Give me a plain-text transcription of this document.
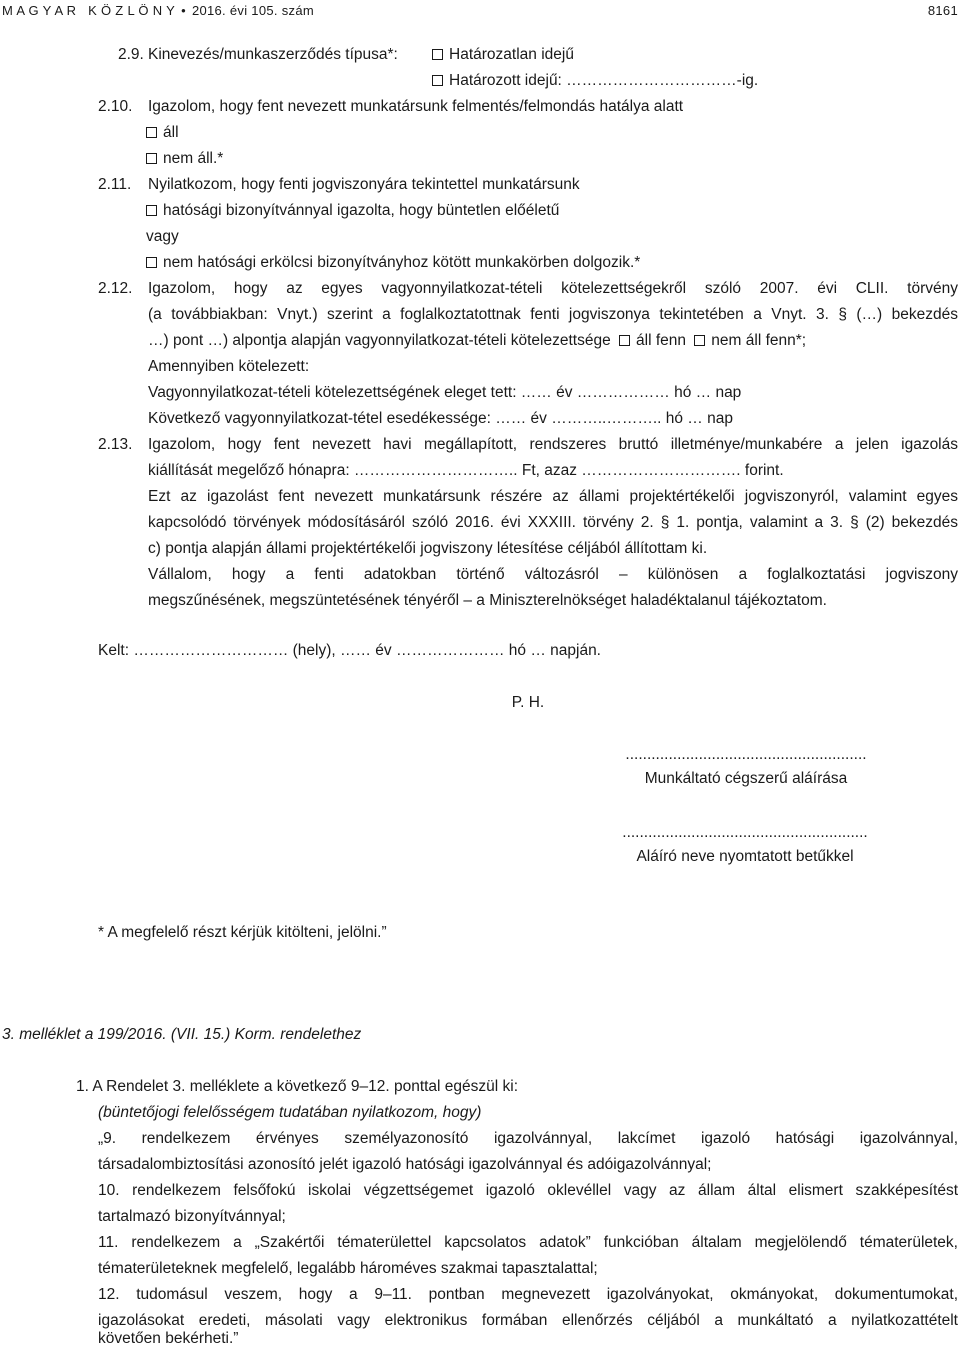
M A G Y A R   K Ö Z L Ö N Y • 2016. évi 105. szám	8161
2.9. Kinevezés/munkaszerződés típusa*:	Határozatlan idejű
Határozott idejű: ……………………………-ig.
2.10. Igazolom, hogy fent nevezett munkatársunk felmentés/felmondás hatálya alatt
áll
nem áll.*
2.11. Nyilatkozom, hogy fenti jogviszonyára tekintettel munkatársunk
hatósági bizonyítvánnyal igazolta, hogy büntetlen előéletű
vagy
nem hatósági erkölcsi bizonyítványhoz kötött munkakörben dolgozik.*
2.12. Igazolom, hogy az egyes vagyonnyilatkozat-tételi kötelezettségekről szóló 2007. évi CLII. törvény
(a továbbiakban: Vnyt.) szerint a foglalkoztatottnak fenti jogviszonya tekintetében a Vnyt. 3. § (…) bekezdés
…) pont …) alpontja alapján vagyonnyilatkozat-tételi kötelezettsége áll fenn nem áll fenn*;
Amennyiben kötelezett:
Vagyonnyilatkozat-tételi kötelezettségének eleget tett: …… év ……………… hó … nap
Következő vagyonnyilatkozat-tétel esedékessége: …… év ………..……….. hó … nap
2.13. Igazolom, hogy fent nevezett havi megállapított, rendszeres bruttó illetménye/munkabére a jelen igazolás
kiállítását megelőző hónapra: ………………………….. Ft, azaz …………………………. forint.
Ezt az igazolást fent nevezett munkatársunk részére az állami projektértékelői jogviszonyról, valamint egyes
kapcsolódó törvények módosításáról szóló 2016. évi XXXIII. törvény 2. § 1. pontja, valamint a 3. § (2) bekezdés
c) pontja alapján állami projektértékelői jogviszony létesítése céljából állítottam ki.
Vállalom, hogy a fenti adatokban történő változásról – különösen a foglalkoztatási jogviszony
megszűnésének, megszüntetésének tényéről – a Miniszterelnökséget haladéktalanul tájékoztatom.
Kelt: ………………………… (hely), …… év ………………… hó … napján.
P. H.
........................................................
Munkáltató cégszerű aláírása
.........................................................
Aláíró neve nyomtatott betűkkel
* A megfelelő részt kérjük kitölteni, jelölni.”
3. melléklet a 199/2016. (VII. 15.) Korm. rendelethez
1. A Rendelet 3. melléklete a következő 9–12. ponttal egészül ki:
(büntetőjogi felelősségem tudatában nyilatkozom, hogy)
„9. rendelkezem érvényes személyazonosító igazolvánnyal, lakcímet igazoló hatósági igazolvánnyal,
társadalombiztosítási azonosító jelét igazoló hatósági igazolvánnyal és adóigazolvánnyal;
10. rendelkezem felsőfokú iskolai végzettségemet igazoló oklevéllel vagy az állam által elismert szakképesítést
tartalmazó bizonyítvánnyal;
11. rendelkezem a „Szakértői tématerülettel kapcsolatos adatok” funkcióban általam megjelölendő tématerületek,
tématerületeknek megfelelő, legalább hároméves szakmai tapasztalattal;
12. tudomásul veszem, hogy a 9–11. pontban megnevezett igazolványokat, okmányokat, dokumentumokat,
igazolásokat eredeti, másolati vagy elektronikus formában ellenőrzés céljából a munkáltató a nyilatkozattételt
követően bekérheti.”
